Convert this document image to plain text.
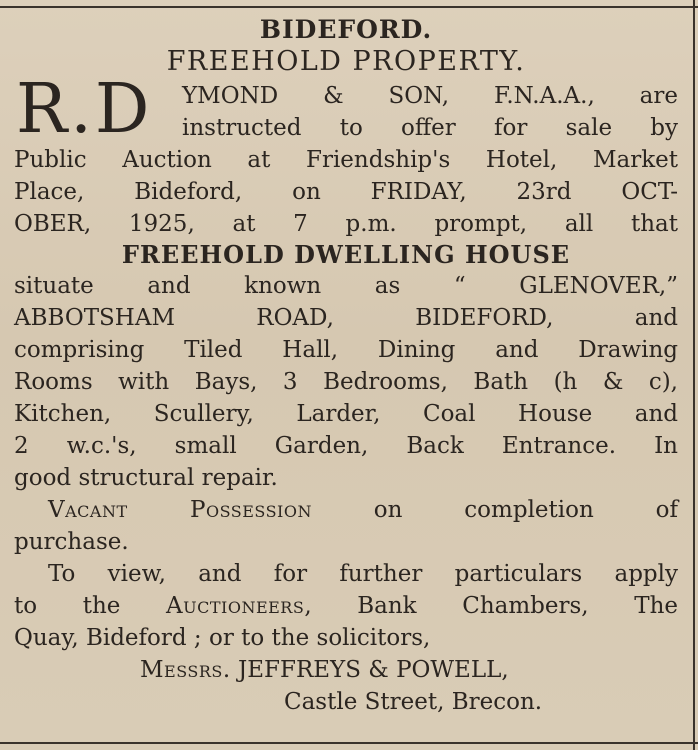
BIDEFORD.
FREEHOLD PROPERTY.
R.D YMOND & SON, F.N.A.A., are
instructed to offer for sale by
Public Auction at Friendship's Hotel, Market
Place, Bideford, on FRIDAY, 23rd OCT-
OBER, 1925, at 7 p.m. prompt, all that
FREEHOLD DWELLING HOUSE
situate and known as “ GLENOVER,”
ABBOTSHAM ROAD, BIDEFORD, and
comprising Tiled Hall, Dining and Drawing
Rooms with Bays, 3 Bedrooms, Bath (h & c),
Kitchen, Scullery, Larder, Coal House and
2 w.c.'s, small Garden, Back Entrance. In
good structural repair.
Vacant Possession on completion of
purchase.
To view, and for further particulars apply
to the Auctioneers, Bank Chambers, The
Quay, Bideford ; or to the solicitors,
Messrs. JEFFREYS & POWELL,
Castle Street, Brecon.
